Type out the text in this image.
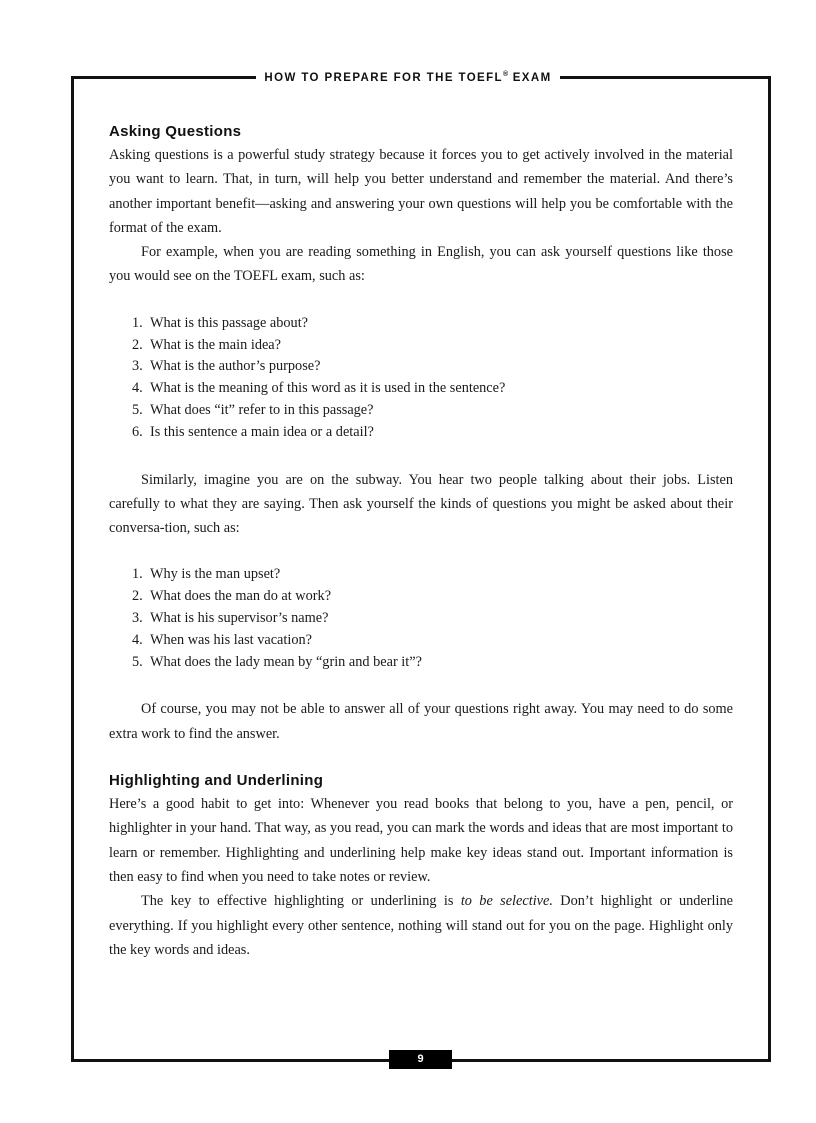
HOW TO PREPARE FOR THE TOEFL® EXAM
Asking Questions

Asking questions is a powerful study strategy because it forces you to get actively involved in the material you want to learn. That, in turn, will help you better understand and remember the material. And there’s another important benefit—asking and answering your own questions will help you be comfortable with the format of the exam.

For example, when you are reading something in English, you can ask yourself questions like those you would see on the TOEFL exam, such as:

1. What is this passage about?
2. What is the main idea?
3. What is the author’s purpose?
4. What is the meaning of this word as it is used in the sentence?
5. What does “it” refer to in this passage?
6. Is this sentence a main idea or a detail?

Similarly, imagine you are on the subway. You hear two people talking about their jobs. Listen carefully to what they are saying. Then ask yourself the kinds of questions you might be asked about their conversa-tion, such as:

1. Why is the man upset?
2. What does the man do at work?
3. What is his supervisor’s name?
4. When was his last vacation?
5. What does the lady mean by “grin and bear it”?

Of course, you may not be able to answer all of your questions right away. You may need to do some extra work to find the answer.

Highlighting and Underlining

Here’s a good habit to get into: Whenever you read books that belong to you, have a pen, pencil, or highlighter in your hand. That way, as you read, you can mark the words and ideas that are most important to learn or remember. Highlighting and underlining help make key ideas stand out. Important information is then easy to find when you need to take notes or review.

The key to effective highlighting or underlining is to be selective. Don’t highlight or underline everything. If you highlight every other sentence, nothing will stand out for you on the page. Highlight only the key words and ideas.

9
